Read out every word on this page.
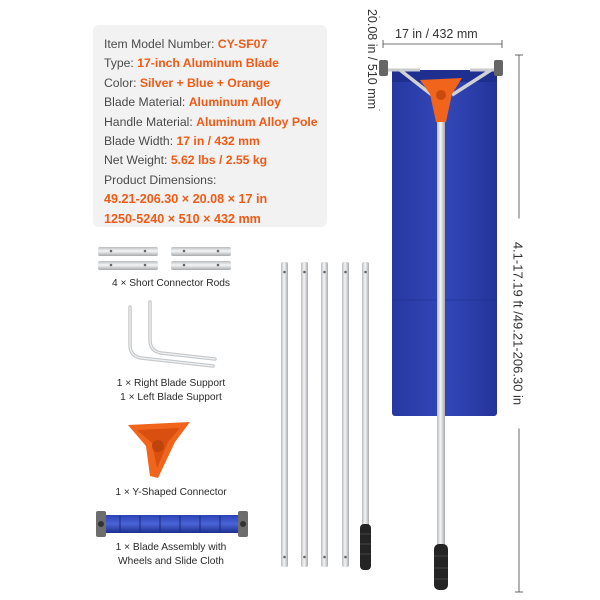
Item Model Number: CY-SF07
Type: 17-inch Aluminum Blade
Color: Silver + Blue + Orange
Blade Material: Aluminum Alloy
Handle Material: Aluminum Alloy Pole
Blade Width: 17 in / 432 mm
Net Weight: 5.62 lbs / 2.55 kg
Product Dimensions:
49.21-206.30 × 20.08 × 17 in
1250-5240 × 510 × 432 mm
17 in / 432 mm
20.08 in / 510 mm
4.1-17.19 ft /49.21-206.30 in
4 × Short Connector Rods
1 × Right Blade Support
1 × Left Blade Support
1 × Y-Shaped Connector
1 × Blade Assembly with
Wheels and Slide Cloth
